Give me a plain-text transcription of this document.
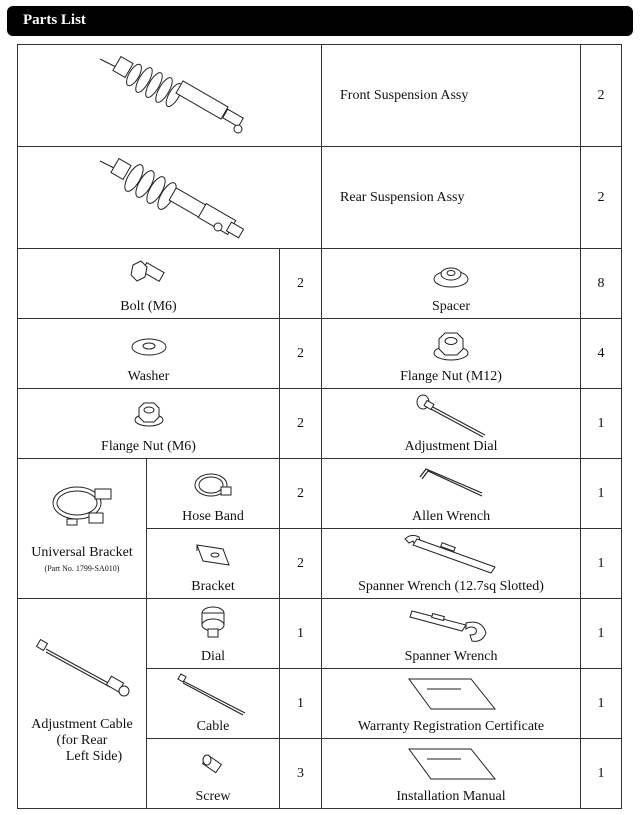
Parts List

Front Suspension Assy	2

Rear Suspension Assy	2

Bolt (M6)		2	Spacer	8

Washer		2	Flange Nut (M12)	4

Flange Nut (M6)		2	Adjustment Dial	1

Universal Bracket
(Part No. 1799-SA010)	Hose Band	2	Allen Wrench	1

	Bracket	2	Spanner Wrench (12.7sq Slotted)	1

Adjustment Cable
(for Rear
Left Side)	Dial	1	Spanner Wrench	1

	Cable	1	Warranty Registration Certificate	1

	Screw	3	Installation Manual	1
